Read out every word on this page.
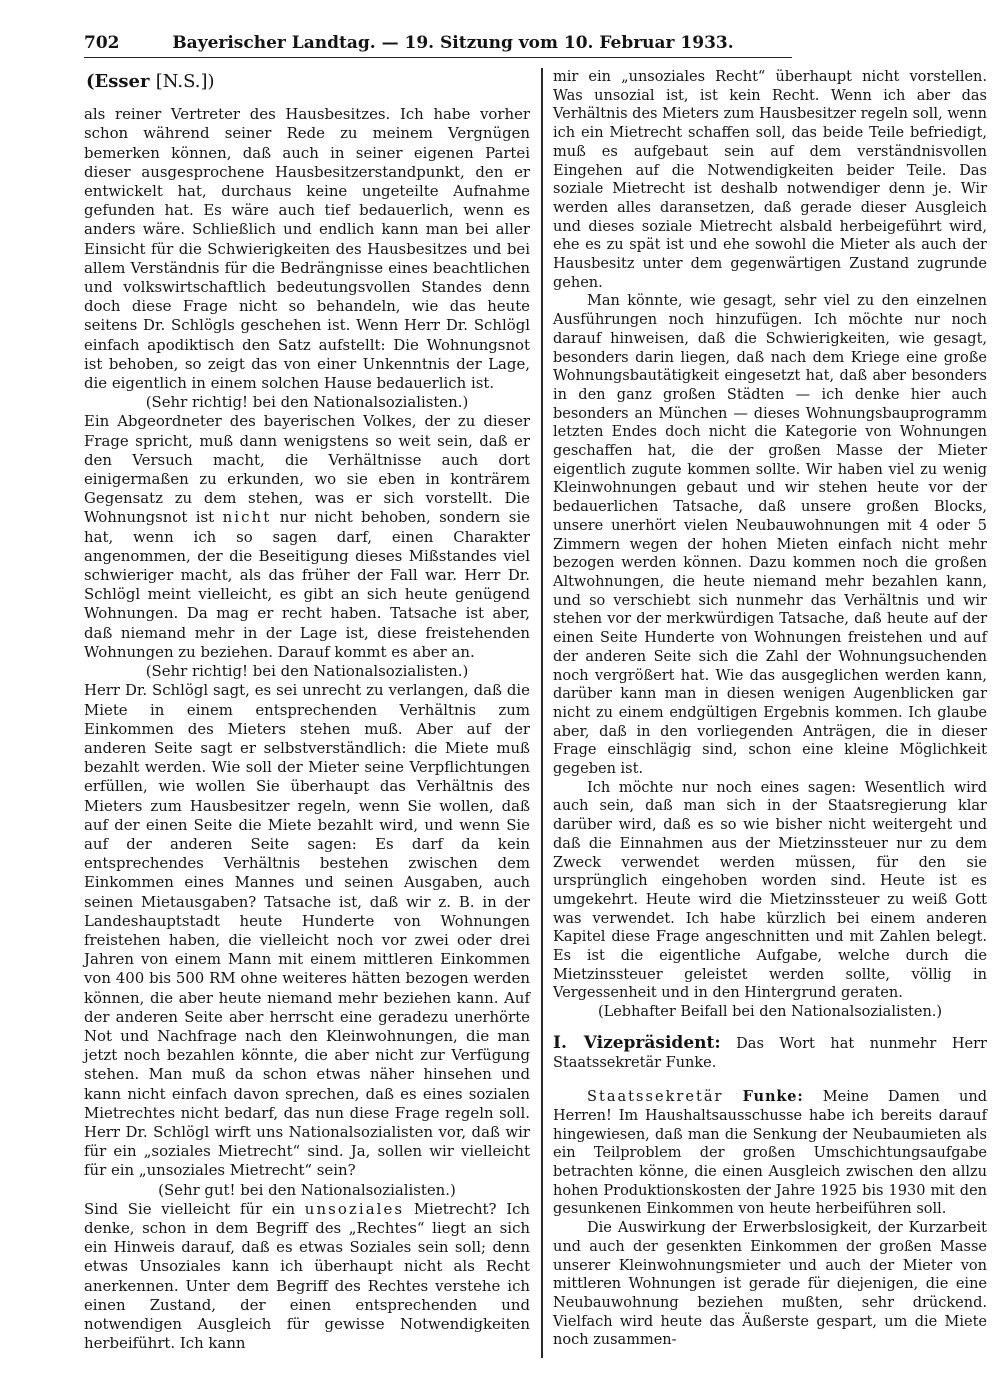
702	Bayerischer Landtag. — 19. Sitzung vom 10. Februar 1933.
(Esser [N.S.])

als reiner Vertreter des Hausbesitzes. Ich habe vorher schon während seiner Rede zu meinem Vergnügen bemerken können, daß auch in seiner eigenen Partei dieser ausgesprochene Hausbesitzerstandpunkt, den er entwickelt hat, durchaus keine ungeteilte Aufnahme gefunden hat. Es wäre auch tief bedauerlich, wenn es anders wäre. Schließlich und endlich kann man bei aller Einsicht für die Schwierigkeiten des Hausbesitzes und bei allem Verständnis für die Bedrängnisse eines beachtlichen und volkswirtschaftlich bedeutungsvollen Standes denn doch diese Frage nicht so behandeln, wie das heute seitens Dr. Schlögls geschehen ist. Wenn Herr Dr. Schlögl einfach apodiktisch den Satz aufstellt: Die Wohnungsnot ist behoben, so zeigt das von einer Unkenntnis der Lage, die eigentlich in einem solchen Hause bedauerlich ist.

(Sehr richtig! bei den Nationalsozialisten.)

Ein Abgeordneter des bayerischen Volkes, der zu dieser Frage spricht, muß dann wenigstens so weit sein, daß er den Versuch macht, die Verhältnisse auch dort einigermaßen zu erkunden, wo sie eben in konträrem Gegensatz zu dem stehen, was er sich vorstellt. Die Wohnungsnot ist nicht nur nicht behoben, sondern sie hat, wenn ich so sagen darf, einen Charakter angenommen, der die Beseitigung dieses Mißstandes viel schwieriger macht, als das früher der Fall war. Herr Dr. Schlögl meint vielleicht, es gibt an sich heute genügend Wohnungen. Da mag er recht haben. Tatsache ist aber, daß niemand mehr in der Lage ist, diese freistehenden Wohnungen zu beziehen. Darauf kommt es aber an.

(Sehr richtig! bei den Nationalsozialisten.)

Herr Dr. Schlögl sagt, es sei unrecht zu verlangen, daß die Miete in einem entsprechenden Verhältnis zum Einkommen des Mieters stehen muß. Aber auf der anderen Seite sagt er selbstverständlich: die Miete muß bezahlt werden. Wie soll der Mieter seine Verpflichtungen erfüllen, wie wollen Sie überhaupt das Verhältnis des Mieters zum Hausbesitzer regeln, wenn Sie wollen, daß auf der einen Seite die Miete bezahlt wird, und wenn Sie auf der anderen Seite sagen: Es darf da kein entsprechendes Verhältnis bestehen zwischen dem Einkommen eines Mannes und seinen Ausgaben, auch seinen Mietausgaben? Tatsache ist, daß wir z. B. in der Landeshauptstadt heute Hunderte von Wohnungen freistehen haben, die vielleicht noch vor zwei oder drei Jahren von einem Mann mit einem mittleren Einkommen von 400 bis 500 RM ohne weiteres hätten bezogen werden können, die aber heute niemand mehr beziehen kann. Auf der anderen Seite aber herrscht eine geradezu unerhörte Not und Nachfrage nach den Kleinwohnungen, die man jetzt noch bezahlen könnte, die aber nicht zur Verfügung stehen. Man muß da schon etwas näher hinsehen und kann nicht einfach davon sprechen, daß es eines sozialen Mietrechtes nicht bedarf, das nun diese Frage regeln soll. Herr Dr. Schlögl wirft uns Nationalsozialisten vor, daß wir für ein „soziales Mietrecht“ sind. Ja, sollen wir vielleicht für ein „unsoziales Mietrecht“ sein?

(Sehr gut! bei den Nationalsozialisten.)

Sind Sie vielleicht für ein unsoziales Mietrecht? Ich denke, schon in dem Begriff des „Rechtes“ liegt an sich ein Hinweis darauf, daß es etwas Soziales sein soll; denn etwas Unsoziales kann ich überhaupt nicht als Recht anerkennen. Unter dem Begriff des Rechtes verstehe ich einen Zustand, der einen entsprechenden und notwendigen Ausgleich für gewisse Notwendigkeiten herbeiführt. Ich kann

mir ein „unsoziales Recht“ überhaupt nicht vorstellen. Was unsozial ist, ist kein Recht. Wenn ich aber das Verhältnis des Mieters zum Hausbesitzer regeln soll, wenn ich ein Mietrecht schaffen soll, das beide Teile befriedigt, muß es aufgebaut sein auf dem verständnisvollen Eingehen auf die Notwendigkeiten beider Teile. Das soziale Mietrecht ist deshalb notwendiger denn je. Wir werden alles daransetzen, daß gerade dieser Ausgleich und dieses soziale Mietrecht alsbald herbeigeführt wird, ehe es zu spät ist und ehe sowohl die Mieter als auch der Hausbesitz unter dem gegenwärtigen Zustand zugrunde gehen.

Man könnte, wie gesagt, sehr viel zu den einzelnen Ausführungen noch hinzufügen. Ich möchte nur noch darauf hinweisen, daß die Schwierigkeiten, wie gesagt, besonders darin liegen, daß nach dem Kriege eine große Wohnungsbautätigkeit eingesetzt hat, daß aber besonders in den ganz großen Städten — ich denke hier auch besonders an München — dieses Wohnungsbauprogramm letzten Endes doch nicht die Kategorie von Wohnungen geschaffen hat, die der großen Masse der Mieter eigentlich zugute kommen sollte. Wir haben viel zu wenig Kleinwohnungen gebaut und wir stehen heute vor der bedauerlichen Tatsache, daß unsere großen Blocks, unsere unerhört vielen Neubauwohnungen mit 4 oder 5 Zimmern wegen der hohen Mieten einfach nicht mehr bezogen werden können. Dazu kommen noch die großen Altwohnungen, die heute niemand mehr bezahlen kann, und so verschiebt sich nunmehr das Verhältnis und wir stehen vor der merkwürdigen Tatsache, daß heute auf der einen Seite Hunderte von Wohnungen freistehen und auf der anderen Seite sich die Zahl der Wohnungsuchenden noch vergrößert hat. Wie das ausgeglichen werden kann, darüber kann man in diesen wenigen Augenblicken gar nicht zu einem endgültigen Ergebnis kommen. Ich glaube aber, daß in den vorliegenden Anträgen, die in dieser Frage einschlägig sind, schon eine kleine Möglichkeit gegeben ist.

Ich möchte nur noch eines sagen: Wesentlich wird auch sein, daß man sich in der Staatsregierung klar darüber wird, daß es so wie bisher nicht weitergeht und daß die Einnahmen aus der Mietzinssteuer nur zu dem Zweck verwendet werden müssen, für den sie ursprünglich eingehoben worden sind. Heute ist es umgekehrt. Heute wird die Mietzinssteuer zu weiß Gott was verwendet. Ich habe kürzlich bei einem anderen Kapitel diese Frage angeschnitten und mit Zahlen belegt. Es ist die eigentliche Aufgabe, welche durch die Mietzinssteuer geleistet werden sollte, völlig in Vergessenheit und in den Hintergrund geraten.

(Lebhafter Beifall bei den Nationalsozialisten.)

I. Vizepräsident: Das Wort hat nunmehr Herr Staatssekretär Funke.

Staatssekretär Funke: Meine Damen und Herren! Im Haushaltsausschusse habe ich bereits darauf hingewiesen, daß man die Senkung der Neubaumieten als ein Teilproblem der großen Umschichtungsaufgabe betrachten könne, die einen Ausgleich zwischen den allzu hohen Produktionskosten der Jahre 1925 bis 1930 mit den gesunkenen Einkommen von heute herbeiführen soll.

Die Auswirkung der Erwerbslosigkeit, der Kurzarbeit und auch der gesenkten Einkommen der großen Masse unserer Kleinwohnungsmieter und auch der Mieter von mittleren Wohnungen ist gerade für diejenigen, die eine Neubauwohnung beziehen mußten, sehr drückend. Vielfach wird heute das Äußerste gespart, um die Miete noch zusammen-
